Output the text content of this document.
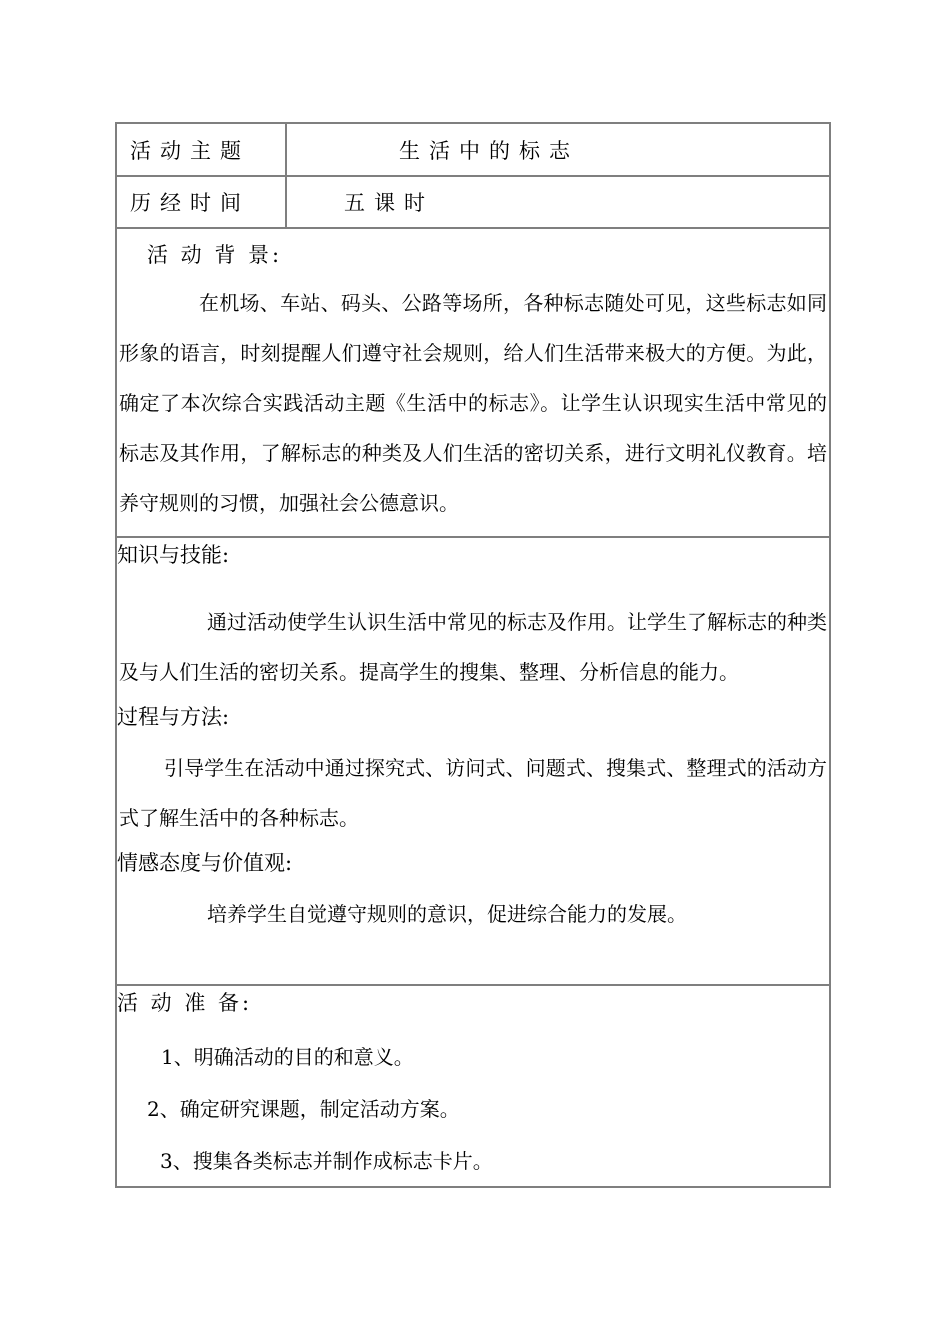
活动主题	生活中的标志
历经时间	五课时
活 动 背 景:
在机场、车站、码头、公路等场所，各种标志随处可见，这些标志如同形象的语言，时刻提醒人们遵守社会规则，给人们生活带来极大的方便。为此，确定了本次综合实践活动主题《生活中的标志》。让学生认识现实生活中常见的标志及其作用，了解标志的种类及人们生活的密切关系，进行文明礼仪教育。培养守规则的习惯，加强社会公德意识。
知识与技能:
通过活动使学生认识生活中常见的标志及作用。让学生了解标志的种类及与人们生活的密切关系。提高学生的搜集、整理、分析信息的能力。
过程与方法:
引导学生在活动中通过探究式、访问式、问题式、搜集式、整理式的活动方式了解生活中的各种标志。
情感态度与价值观:
培养学生自觉遵守规则的意识，促进综合能力的发展。
活 动 准 备:
1、明确活动的目的和意义。
2、确定研究课题，制定活动方案。
3、搜集各类标志并制作成标志卡片。
